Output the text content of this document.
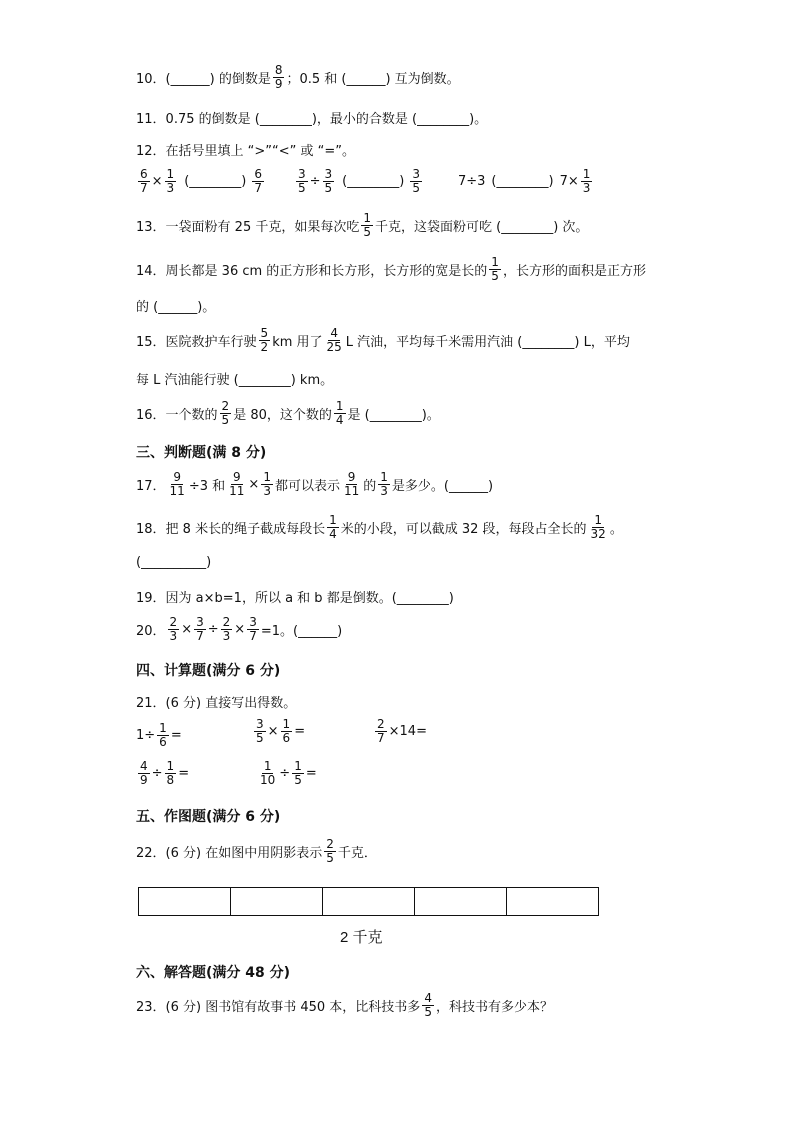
10．(______) 的倒数是 $\frac{8}{9}$ ；0.5 和 (______) 互为倒数。
11．0.75 的倒数是 (________)，最小的合数是 (________)。
12．在括号里填上 “>”“<” 或 “=”。
$\frac{6}{7} \times \frac{1}{3}$ (________) $\frac{6}{7}$	$\frac{3}{5} \div \frac{3}{5}$ (________) $\frac{3}{5}$	7÷3 (________) $7\times \frac{1}{3}$
13．一袋面粉有 25 千克，如果每次吃 $\frac{1}{5}$ 千克，这袋面粉可吃 (________) 次。
14．周长都是 36 cm 的正方形和长方形，长方形的宽是长的 $\frac{1}{5}$ ，长方形的面积是正方形
的 (______)。
15．医院救护车行驶 $\frac{5}{2}$ km 用了 $\frac{4}{25}$ L 汽油，平均每千米需用汽油 (________) L，平均
每 L 汽油能行驶 (________) km。
16．一个数的 $\frac{2}{5}$ 是 80，这个数的 $\frac{1}{4}$ 是 (________)。
三、判断题(满 8 分)
17． $\frac{9}{11} \div 3$ 和 $\frac{9}{11} \times \frac{1}{3}$ 都可以表示 $\frac{9}{11}$ 的 $\frac{1}{3}$ 是多少。(______)
18．把 8 米长的绳子截成每段长 $\frac{1}{4}$ 米的小段，可以截成 32 段，每段占全长的 $\frac{1}{32}$ 。
(__________)
19．因为 a×b=1，所以 a 和 b 都是倒数。(________)
20． $\frac{2}{3} \times \frac{3}{7} \div \frac{2}{3} \times \frac{3}{7} =1$。(______)
四、计算题(满分 6 分)
21．(6 分) 直接写出得数。
$1\div \frac{1}{6}$ =	$\frac{3}{5} \times \frac{1}{6}$ =	$\frac{2}{7} \times 14=$
$\frac{4}{9} \div \frac{1}{8}$ =	$\frac{1}{10} \div \frac{1}{5}$ =
五、作图题(满分 6 分)
22．(6 分) 在如图中用阴影表示 $\frac{2}{5}$ 千克．
2 千克
六、解答题(满分 48 分)
23．(6 分) 图书馆有故事书 450 本，比科技书多 $\frac{4}{5}$ ，科技书有多少本？
